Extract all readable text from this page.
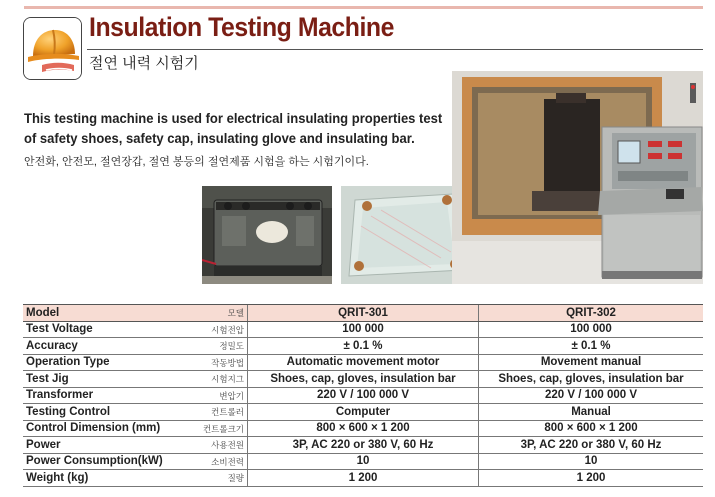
Insulation Testing Machine
절연 내력 시험기
This testing machine is used for electrical insulating properties test
of safety shoes, safety cap, insulating glove and insulating bar.
안전화, 안전모, 절연장갑, 절연 봉등의 절연제품 시험을 하는 시험기이다.
Model 모델	QRIT-301	QRIT-302
Test Voltage 시험전압	100 000	100 000
Accuracy 정밀도	± 0.1 %	± 0.1 %
Operation Type 작동방법	Automatic movement motor	Movement manual
Test Jig 시험지그	Shoes, cap, gloves, insulation bar	Shoes, cap, gloves, insulation bar
Transformer 변압기	220 V / 100 000 V	220 V / 100 000 V
Testing Control 컨트롤러	Computer	Manual
Control Dimension (mm) 컨트롤크기	800 × 600 × 1 200	800 × 600 × 1 200
Power 사용전원	3P, AC 220 or 380 V, 60 Hz	3P, AC 220 or 380 V, 60 Hz
Power Consumption(kW) 소비전력	10	10
Weight (kg) 질량	1 200	1 200
